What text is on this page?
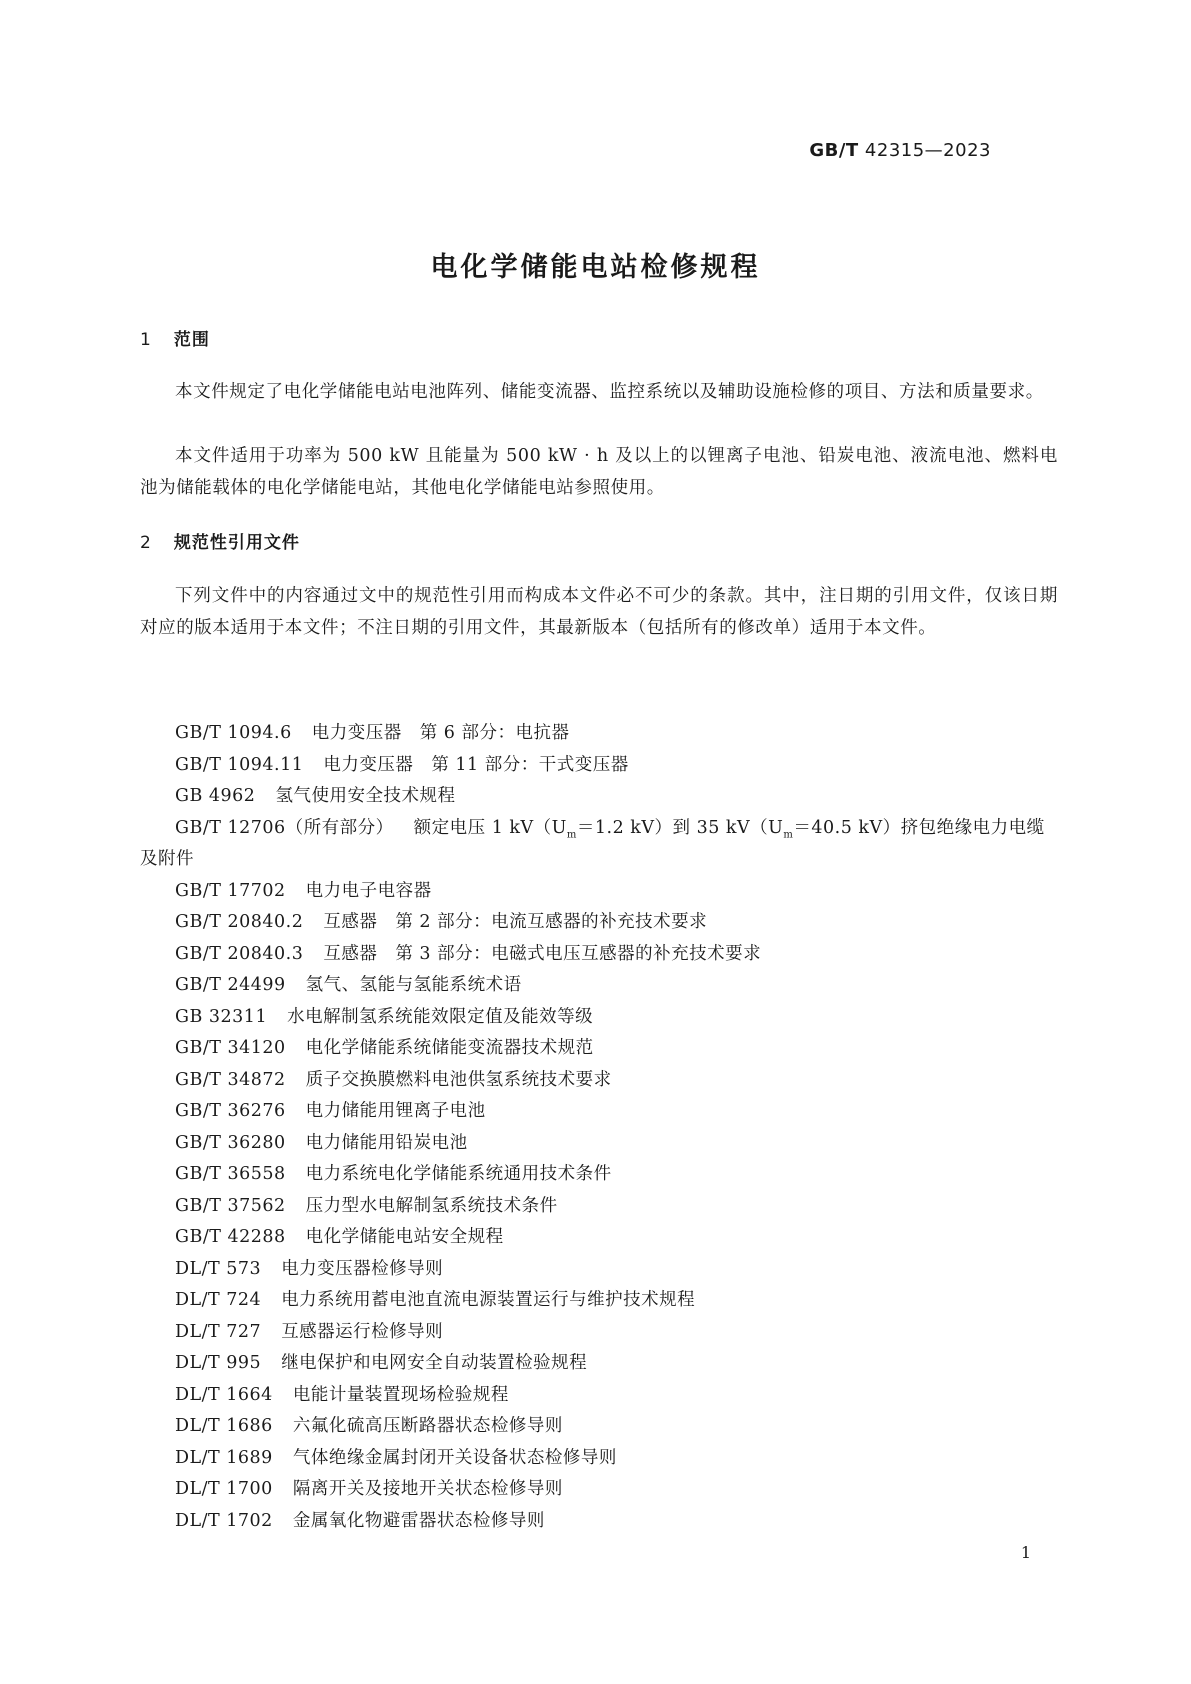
GB/T 42315—2023
电化学储能电站检修规程
1 范围

本文件规定了电化学储能电站电池阵列、储能变流器、监控系统以及辅助设施检修的项目、方法和质量要求。

本文件适用于功率为 500 kW 且能量为 500 kW · h 及以上的以锂离子电池、铅炭电池、液流电池、燃料电池为储能载体的电化学储能电站，其他电化学储能电站参照使用。

2 规范性引用文件

下列文件中的内容通过文中的规范性引用而构成本文件必不可少的条款。其中，注日期的引用文件，仅该日期对应的版本适用于本文件；不注日期的引用文件，其最新版本（包括所有的修改单）适用于本文件。

GB/T 1094.6 电力变压器　第 6 部分：电抗器
GB/T 1094.11 电力变压器　第 11 部分：干式变压器
GB 4962 氢气使用安全技术规程
GB/T 12706（所有部分） 额定电压 1 $kV(U_m=1.2$ kV）到 35 $kV(U_m=40.5$ kV）挤包绝缘电力电缆及附件
GB/T 17702 电力电子电容器
GB/T 20840.2 互感器　第 2 部分：电流互感器的补充技术要求
GB/T 20840.3 互感器　第 3 部分：电磁式电压互感器的补充技术要求
GB/T 24499 氢气、氢能与氢能系统术语
GB 32311 水电解制氢系统能效限定值及能效等级
GB/T 34120 电化学储能系统储能变流器技术规范
GB/T 34872 质子交换膜燃料电池供氢系统技术要求
GB/T 36276 电力储能用锂离子电池
GB/T 36280 电力储能用铅炭电池
GB/T 36558 电力系统电化学储能系统通用技术条件
GB/T 37562 压力型水电解制氢系统技术条件
GB/T 42288 电化学储能电站安全规程
DL/T 573 电力变压器检修导则
DL/T 724 电力系统用蓄电池直流电源装置运行与维护技术规程
DL/T 727 互感器运行检修导则
DL/T 995 继电保护和电网安全自动装置检验规程
DL/T 1664 电能计量装置现场检验规程
DL/T 1686 六氟化硫高压断路器状态检修导则
DL/T 1689 气体绝缘金属封闭开关设备状态检修导则
DL/T 1700 隔离开关及接地开关状态检修导则
DL/T 1702 金属氧化物避雷器状态检修导则
1
